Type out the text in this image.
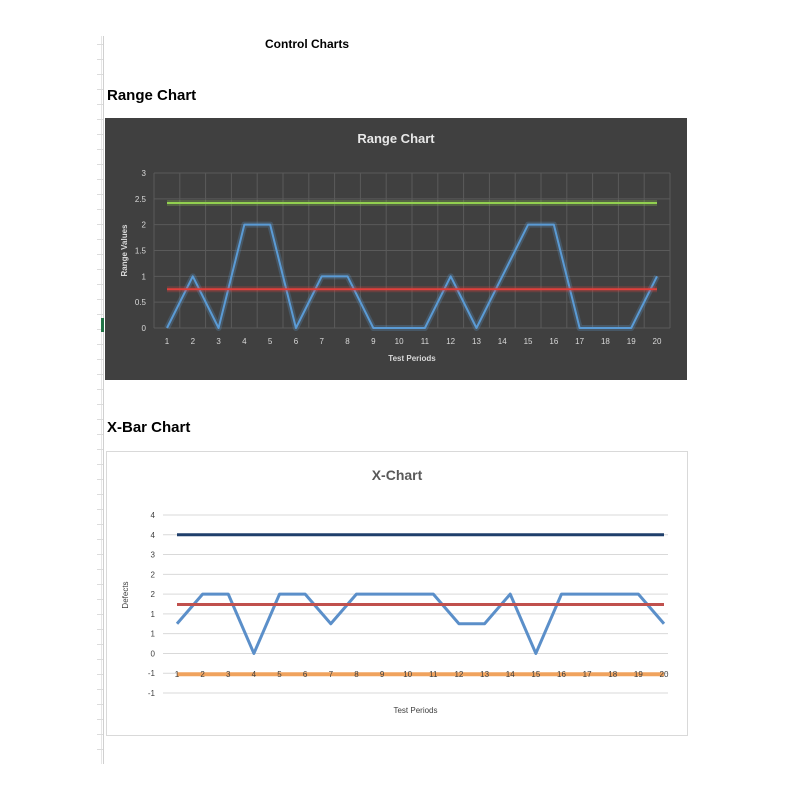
Control Charts
Range Chart
X-Bar Chart
Range Chart
0
0.5
1
1.5
2
2.5
3
1	2	3	4	5	6	7	8	9 10 11 12 13 14 15 16 17 18 19 20
Test Periods
Range Values
X-Chart
-1
-1
0
1
1
2
2
3
4
4
Test Periods
Defects
1	2	3	4	5	6	7	8	9 10 11 12 13 14 15 16 17 18 19 20
